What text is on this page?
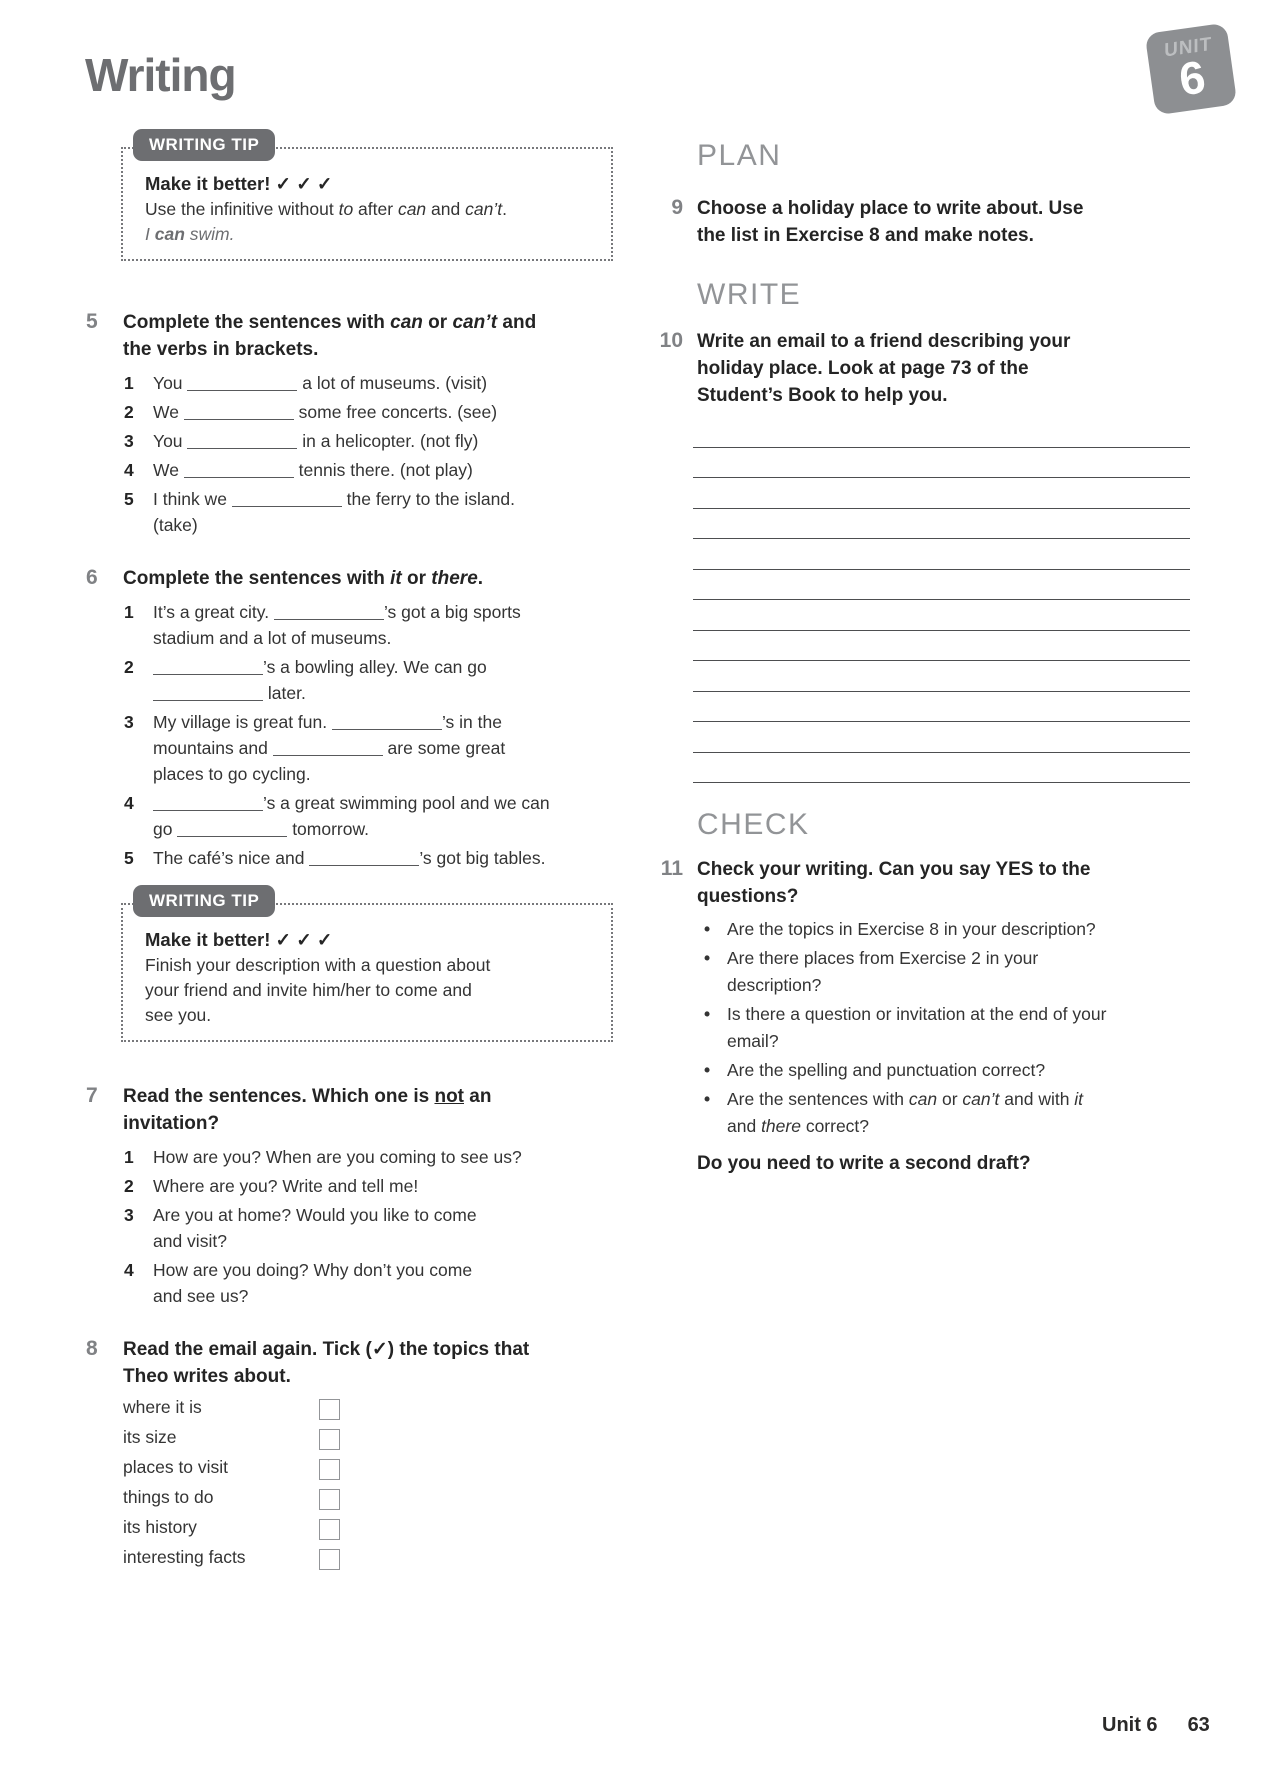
Writing
UNIT
6
WRITING TIP

Make it better! ✓ ✓ ✓

Use the infinitive without to after can and can’t.
I can swim.
5 Complete the sentences with can or can’t and
the verbs in brackets.

1 You	a lot of museums. (visit)
2 We	some free concerts. (see)
3 You	in a helicopter. (not fly)
4 We	tennis there. (not play)
5 I think we	the ferry to the island.
(take)
6 Complete the sentences with it or there.

1 It’s a great city.	’s got a big sports
stadium and a lot of museums.
2	’s a bowling alley. We can go
later.
3 My village is great fun.	’s in the
mountains and	are some great
places to go cycling.
4	’s a great swimming pool and we can
go	tomorrow.
5 The café’s nice and	’s got big tables.
WRITING TIP

Make it better! ✓ ✓ ✓

Finish your description with a question about
your friend and invite him/her to come and
see you.
7 Read the sentences. Which one is not an
invitation?

1 How are you? When are you coming to see us?
2 Where are you? Write and tell me!
3 Are you at home? Would you like to come
and visit?
4 How are you doing? Why don’t you come
and see us?
8 Read the email again. Tick (✓) the topics that
Theo writes about.

where it is
its size
places to visit
things to do
its history
interesting facts
PLAN
9 Choose a holiday place to write about. Use
the list in Exercise 8 and make notes.

WRITE
10 Write an email to a friend describing your
holiday place. Look at page 73 of the
Student’s Book to help you.

CHECK
11 Check your writing. Can you say YES to the
questions?

• Are the topics in Exercise 8 in your description?
• Are there places from Exercise 2 in your
description?
• Is there a question or invitation at the end of your
email?
• Are the spelling and punctuation correct?
• Are the sentences with can or can’t and with it
and there correct?

Do you need to write a second draft?

Unit 6 63
